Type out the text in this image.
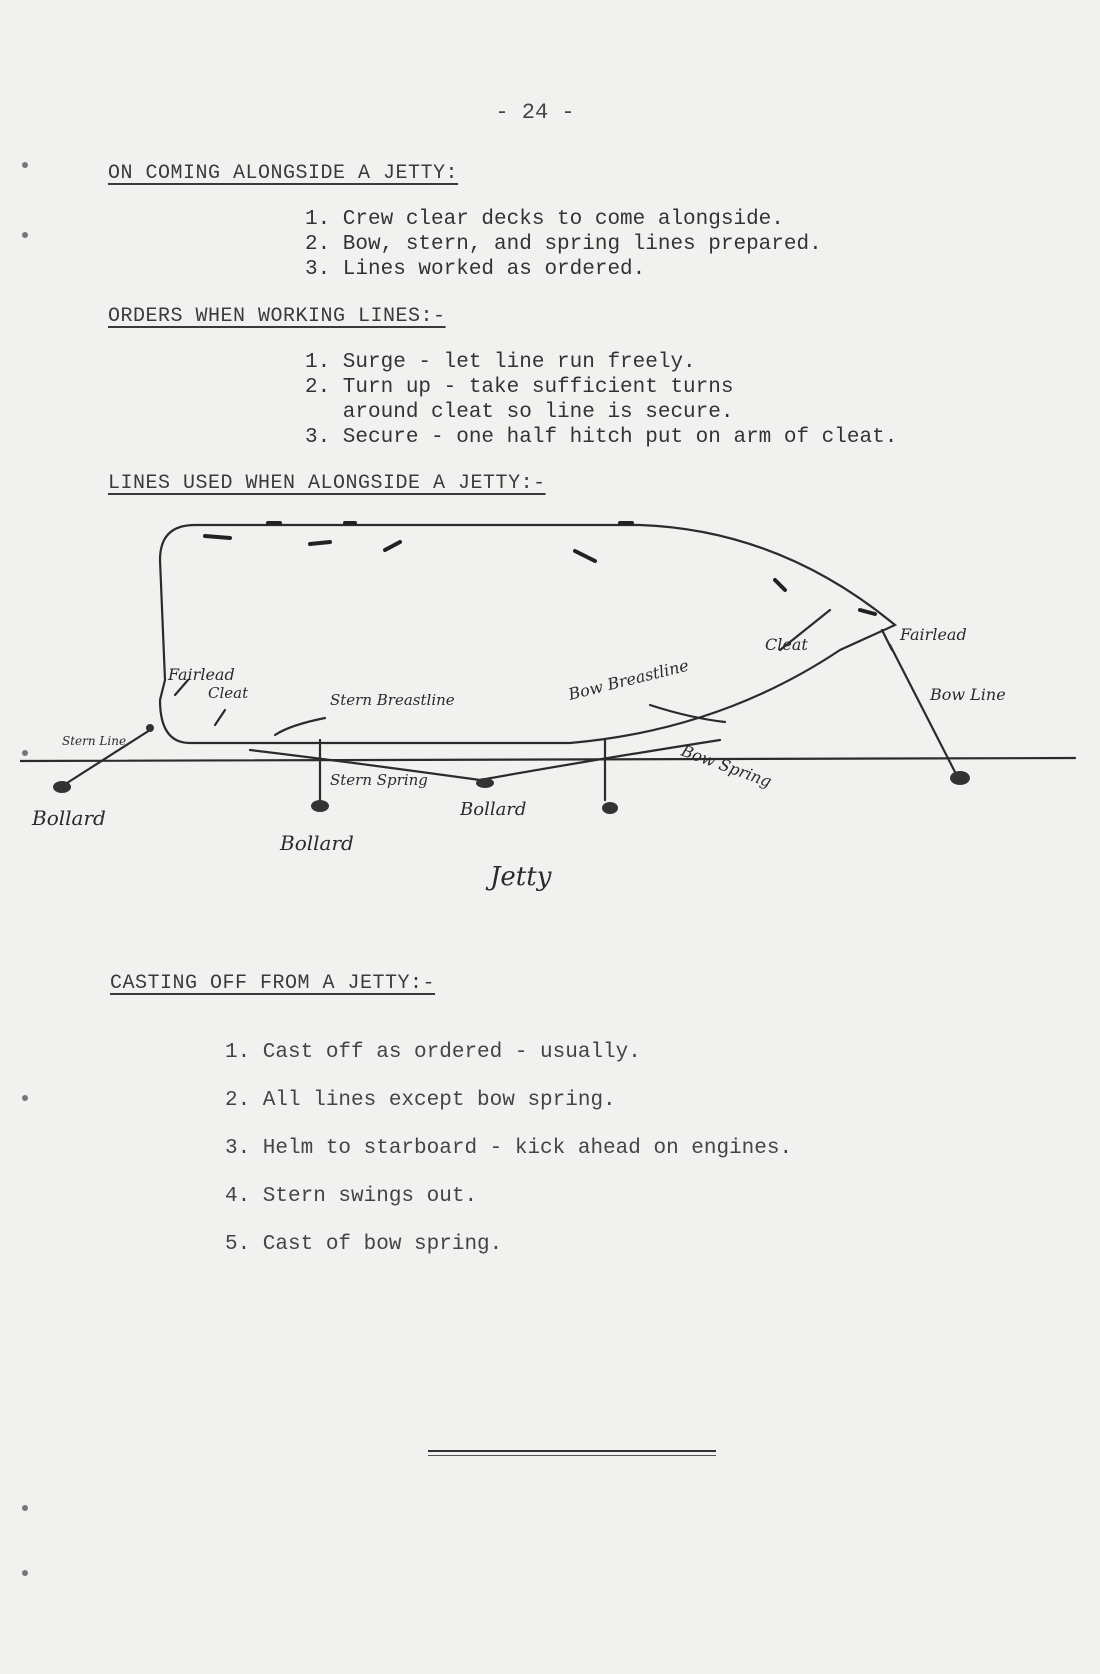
- 24 -
ON COMING ALONGSIDE A JETTY:
1. Crew clear decks to come alongside.
2. Bow, stern, and spring lines prepared.
3. Lines worked as ordered.
ORDERS WHEN WORKING LINES:-
1. Surge - let line run freely.
2. Turn up - take sufficient turns
around cleat so line is secure.
3. Secure - one half hitch put on arm of cleat.
LINES USED WHEN ALONGSIDE A JETTY:-
Stern Line
Bollard
Fairlead
Cleat	Stern Breastline
Stern Spring
Bollard
Bollard
Bow Breastline
Bow Spring
Cleat
Fairlead
Bow Line
Jetty
CASTING OFF FROM A JETTY:-
1. Cast off as ordered - usually.
2. All lines except bow spring.
3. Helm to starboard - kick ahead on engines.
4. Stern swings out.
5. Cast of bow spring.
